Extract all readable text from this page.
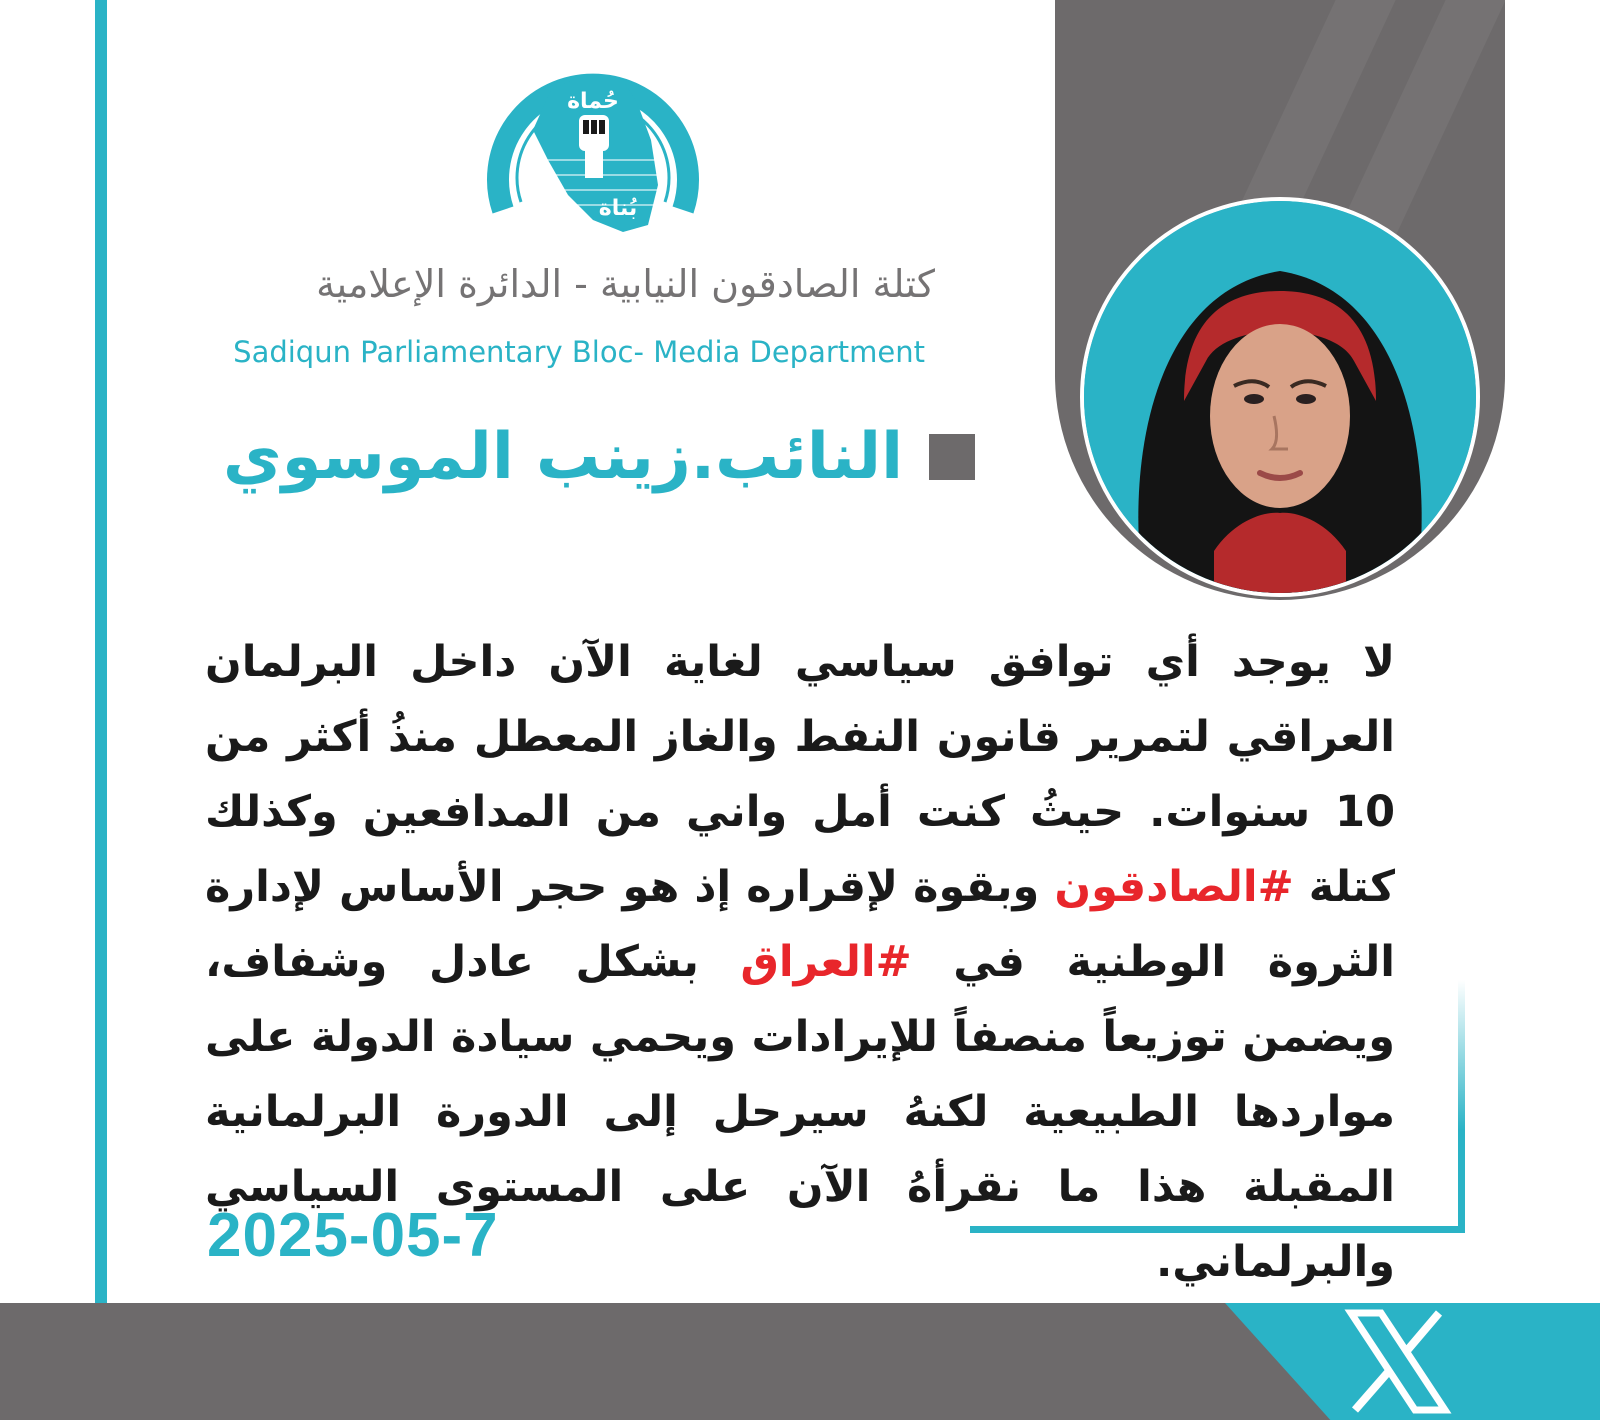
حُماة
بُناة
حركة الصادقون
الله أكبر	الله أكبر
كتلة الصادقون النيابية - الدائرة الإعلامية
Sadiqun Parliamentary Bloc- Media Department
النائب.زينب الموسوي
لا يوجد أي توافق سياسي لغاية الآن داخل البرلمان العراقي لتمرير قانون النفط والغاز المعطل منذُ أكثر من 10 سنوات. حيثُ كنت أمل واني من المدافعين وكذلك كتلة #الصادقون وبقوة لإقراره إذ هو حجر الأساس لإدارة الثروة الوطنية في #العراق بشكل عادل وشفاف، ويضمن توزيعاً منصفاً للإيرادات ويحمي سيادة الدولة على مواردها الطبيعية لكنهُ سيرحل إلى الدورة البرلمانية المقبلة هذا ما نقرأهُ الآن على المستوى السياسي والبرلماني.
2025-05-7
